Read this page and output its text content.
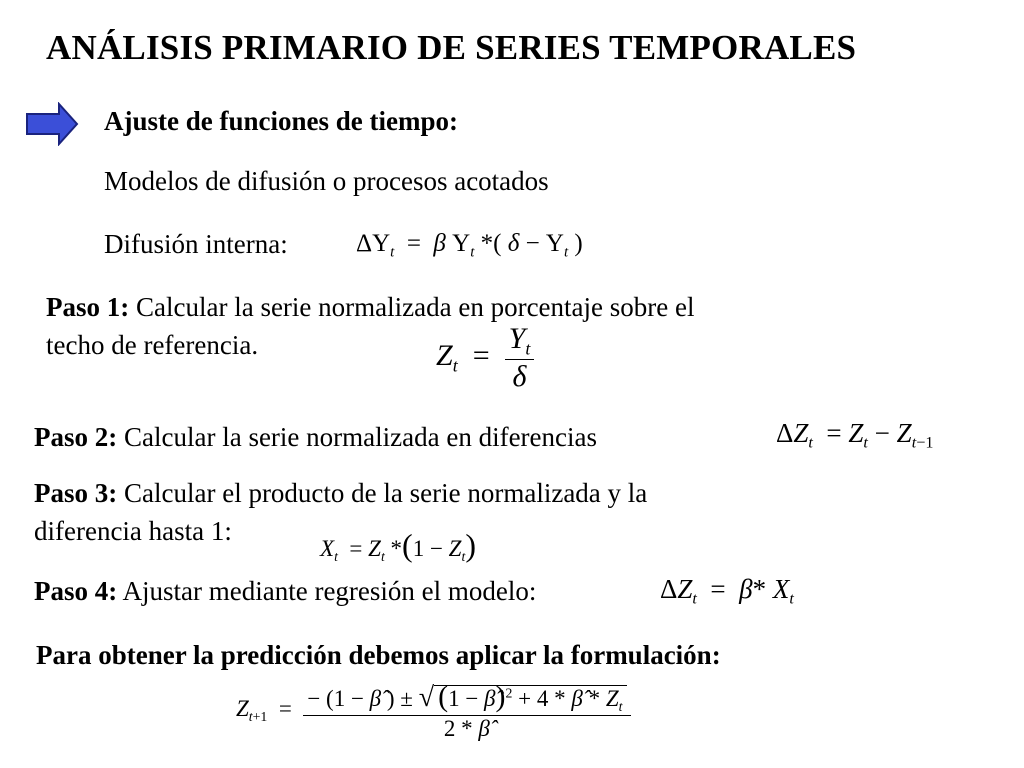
ANÁLISIS PRIMARIO DE SERIES TEMPORALES
Ajuste de funciones de tiempo:
Modelos de difusión o procesos acotados
Difusión interna:	$\Delta Y_t = \beta$ $Y_t$ *( $\delta - Y_t$ )
Paso 1: Calcular la serie normalizada en porcentaje sobre el
techo de referencia.	$Z_t = \frac{Y_t}{\delta}$
Paso 2: Calcular la serie normalizada en diferencias	$\Delta Z_t = Z_t - Z_{t-1}$
Paso 3: Calcular el producto de la serie normalizada y la
diferencia hasta 1:
$X_t = Z_t$ $*(1 - Z_t)$
Paso 4: Ajustar mediante regresión el modelo:	$\Delta Z_t = \beta*$ $X_t$
Para obtener la predicción debemos aplicar la formulación:
$Z_{t+1} = \frac{- (1 - \betâ ) \pm √ (1 - \betâ)^2 + 4 * \betâ * Z_t}{2 * \betâ}$
